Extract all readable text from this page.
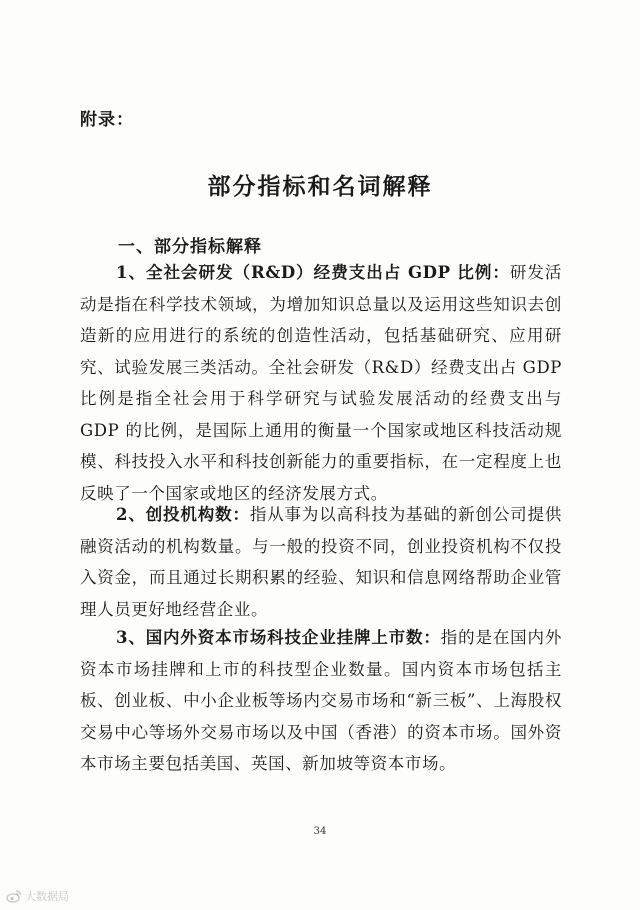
附录：
部分指标和名词解释
一、部分指标解释

1、全社会研发（R&D）经费支出占 GDP 比例：研发活动是指在科学技术领域，为增加知识总量以及运用这些知识去创造新的应用进行的系统的创造性活动，包括基础研究、应用研究、试验发展三类活动。全社会研发（R&D）经费支出占 GDP 比例是指全社会用于科学研究与试验发展活动的经费支出与 GDP 的比例，是国际上通用的衡量一个国家或地区科技活动规模、科技投入水平和科技创新能力的重要指标，在一定程度上也反映了一个国家或地区的经济发展方式。

2、创投机构数：指从事为以高科技为基础的新创公司提供融资活动的机构数量。与一般的投资不同，创业投资机构不仅投入资金，而且通过长期积累的经验、知识和信息网络帮助企业管理人员更好地经营企业。

3、国内外资本市场科技企业挂牌上市数：指的是在国内外资本市场挂牌和上市的科技型企业数量。国内资本市场包括主板、创业板、中小企业板等场内交易市场和“新三板”、上海股权交易中心等场外交易市场以及中国（香港）的资本市场。国外资本市场主要包括美国、英国、新加坡等资本市场。

34
大数据局
